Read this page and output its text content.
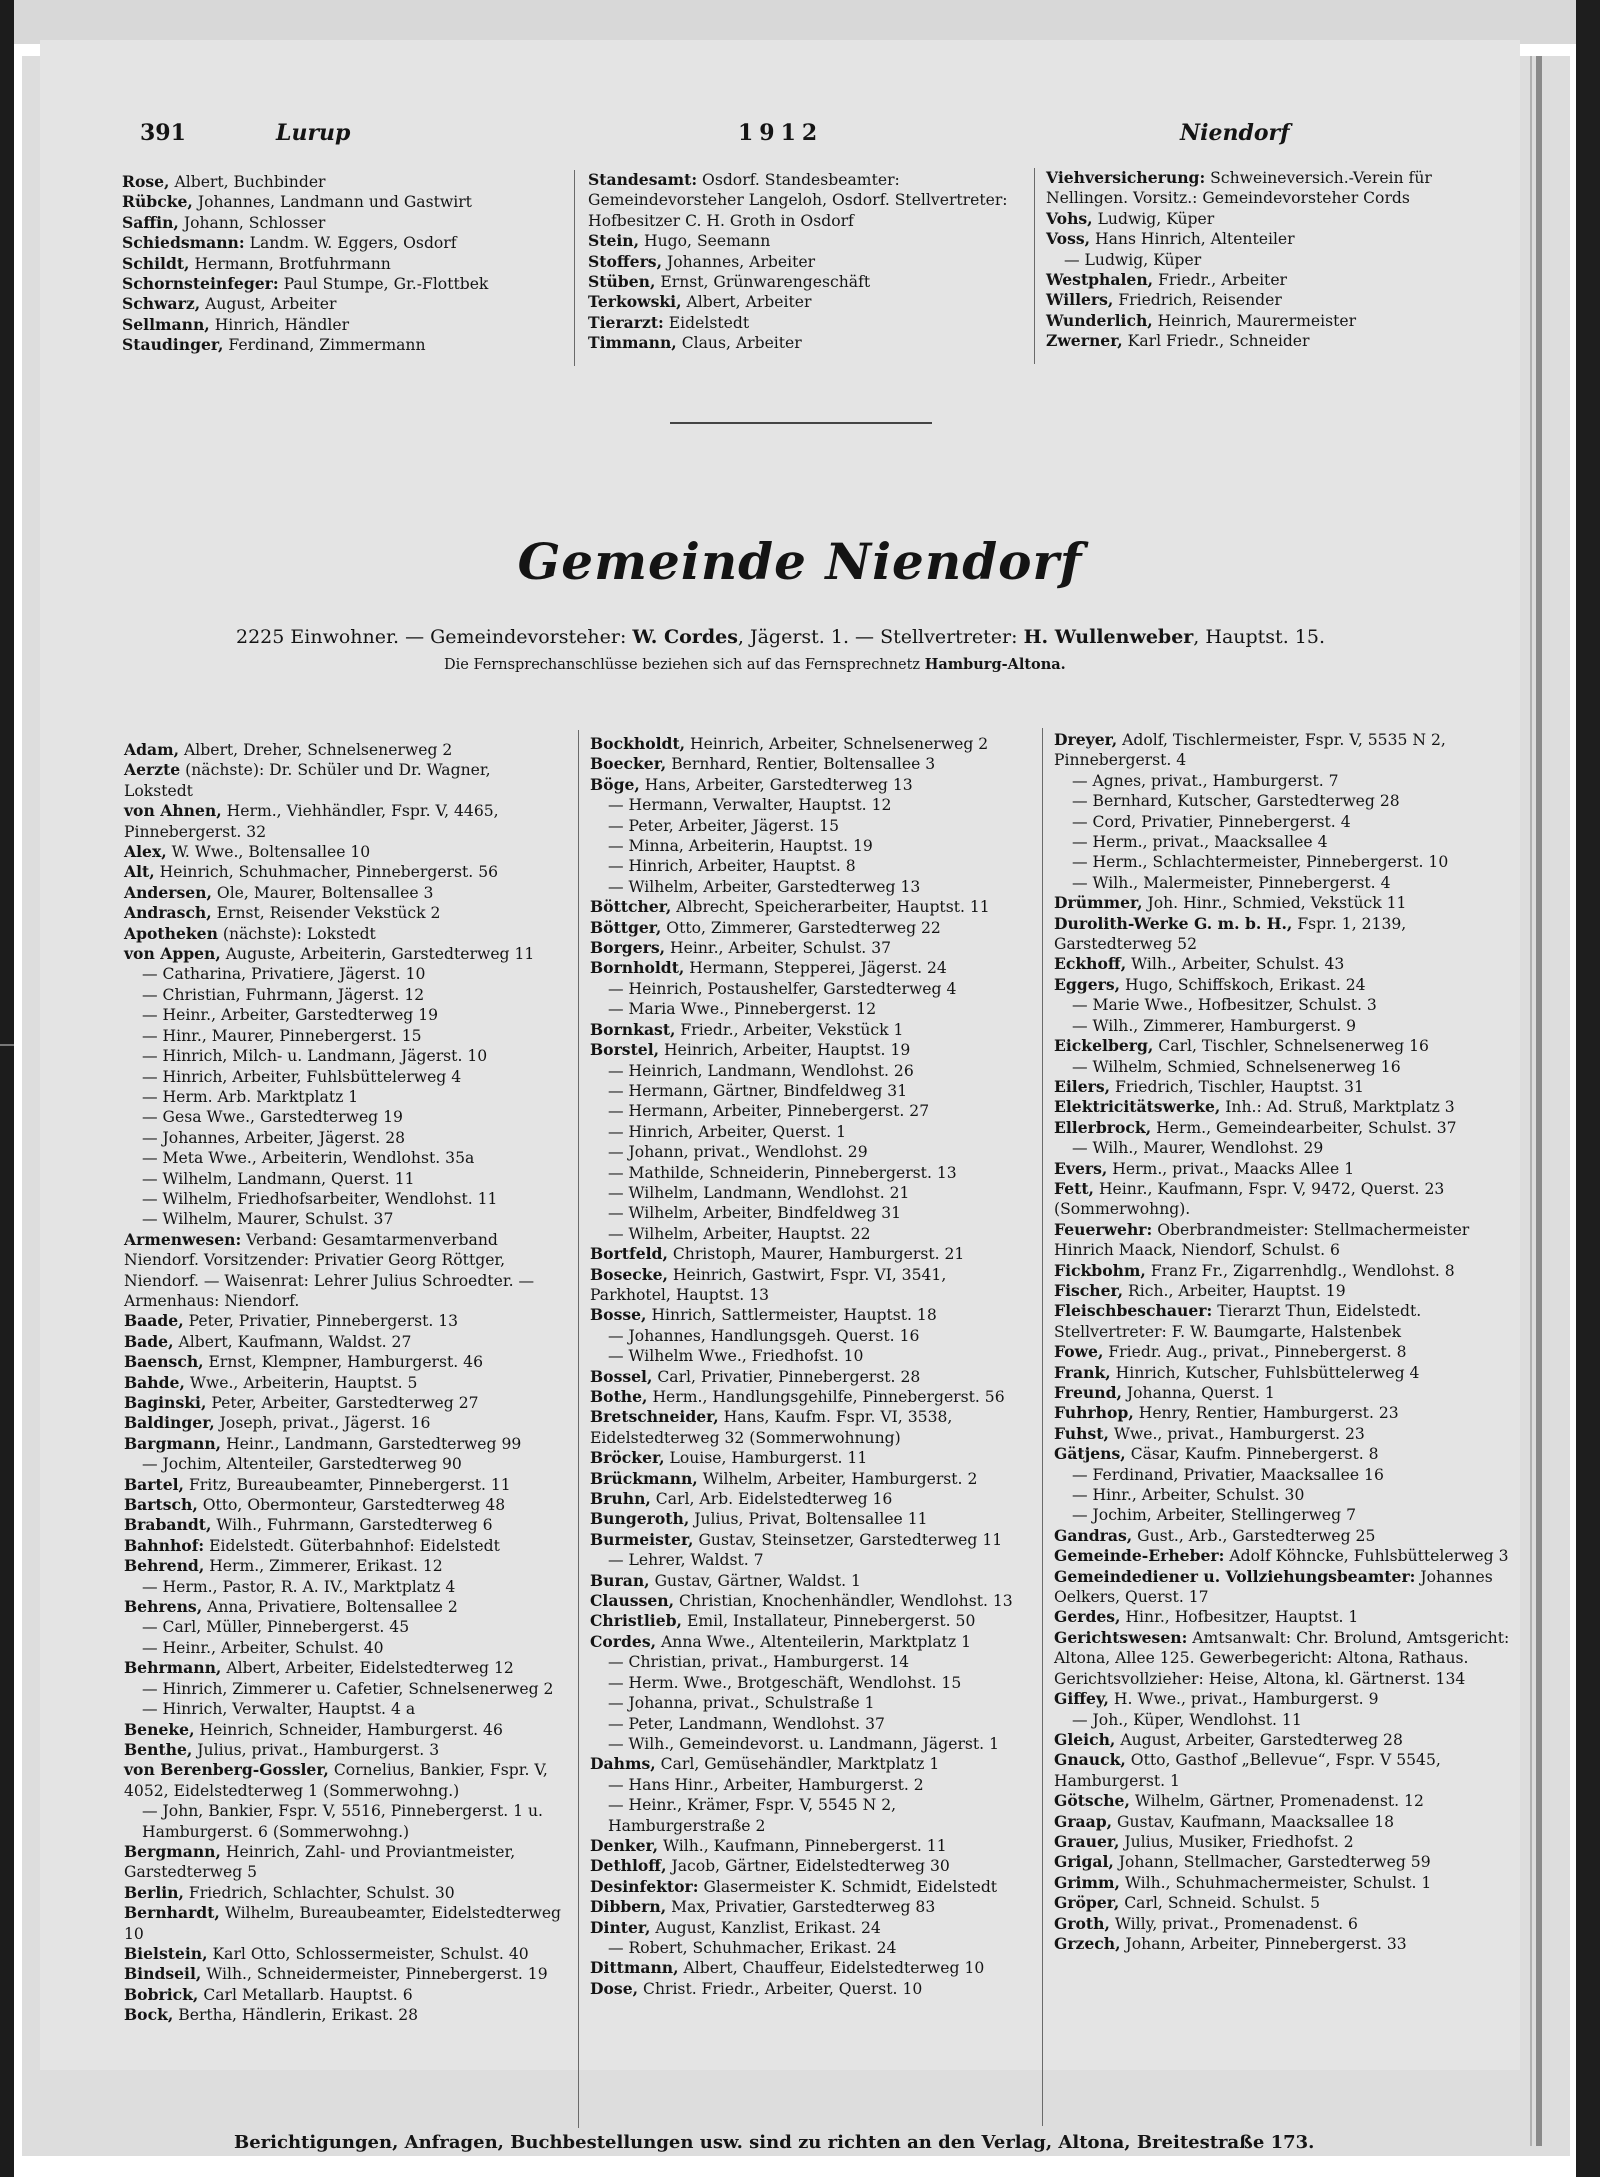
391	Lurup	1912	Niendorf
Rose, Albert, Buchbinder
Rübcke, Johannes, Landmann und Gastwirt
Saffin, Johann, Schlosser
Schiedsmann: Landm. W. Eggers, Osdorf
Schildt, Hermann, Brotfuhrmann
Schornsteinfeger: Paul Stumpe, Gr.-Flottbek
Schwarz, August, Arbeiter
Sellmann, Hinrich, Händler
Staudinger, Ferdinand, Zimmermann
Standesamt: Osdorf. Standesbeamter: Gemeindevorsteher Langeloh, Osdorf. Stellvertreter: Hofbesitzer C. H. Groth in Osdorf
Stein, Hugo, Seemann
Stoffers, Johannes, Arbeiter
Stüben, Ernst, Grünwarengeschäft
Terkowski, Albert, Arbeiter
Tierarzt: Eidelstedt
Timmann, Claus, Arbeiter
Viehversicherung: Schweineversich.-Verein für Nellingen. Vorsitz.: Gemeindevorsteher Cords
Vohs, Ludwig, Küper
Voss, Hans Hinrich, Altenteiler
— Ludwig, Küper
Westphalen, Friedr., Arbeiter
Willers, Friedrich, Reisender
Wunderlich, Heinrich, Maurermeister
Zwerner, Karl Friedr., Schneider
Gemeinde Niendorf
2225 Einwohner. — Gemeindevorsteher: W. Cordes, Jägerst. 1. — Stellvertreter: H. Wullenweber, Hauptst. 15.
Die Fernsprechanschlüsse beziehen sich auf das Fernsprechnetz Hamburg-Altona.
Adam, Albert, Dreher, Schnelsenerweg 2
Aerzte (nächste): Dr. Schüler und Dr. Wagner, Lokstedt
von Ahnen, Herm., Viehhändler, Fspr. V, 4465, Pinnebergerst. 32
Alex, W. Wwe., Boltensallee 10
Alt, Heinrich, Schuhmacher, Pinnebergerst. 56
Andersen, Ole, Maurer, Boltensallee 3
Andrasch, Ernst, Reisender Vekstück 2
Apotheken (nächste): Lokstedt
von Appen, Auguste, Arbeiterin, Garstedterweg 11
— Catharina, Privatiere, Jägerst. 10
— Christian, Fuhrmann, Jägerst. 12
— Heinr., Arbeiter, Garstedterweg 19
— Hinr., Maurer, Pinnebergerst. 15
— Hinrich, Milch- u. Landmann, Jägerst. 10
— Hinrich, Arbeiter, Fuhlsbüttelerweg 4
— Herm. Arb. Marktplatz 1
— Gesa Wwe., Garstedterweg 19
— Johannes, Arbeiter, Jägerst. 28
— Meta Wwe., Arbeiterin, Wendlohst. 35a
— Wilhelm, Landmann, Querst. 11
— Wilhelm, Friedhofsarbeiter, Wendlohst. 11
— Wilhelm, Maurer, Schulst. 37
Armenwesen: Verband: Gesamtarmenverband Niendorf. Vorsitzender: Privatier Georg Röttger, Niendorf. — Waisenrat: Lehrer Julius Schroedter. — Armenhaus: Niendorf.
Baade, Peter, Privatier, Pinnebergerst. 13
Bade, Albert, Kaufmann, Waldst. 27
Baensch, Ernst, Klempner, Hamburgerst. 46
Bahde, Wwe., Arbeiterin, Hauptst. 5
Baginski, Peter, Arbeiter, Garstedterweg 27
Baldinger, Joseph, privat., Jägerst. 16
Bargmann, Heinr., Landmann, Garstedterweg 99
— Jochim, Altenteiler, Garstedterweg 90
Bartel, Fritz, Bureaubeamter, Pinnebergerst. 11
Bartsch, Otto, Obermonteur, Garstedterweg 48
Brabandt, Wilh., Fuhrmann, Garstedterweg 6
Bahnhof: Eidelstedt. Güterbahnhof: Eidelstedt
Behrend, Herm., Zimmerer, Erikast. 12
— Herm., Pastor, R. A. IV., Marktplatz 4
Behrens, Anna, Privatiere, Boltensallee 2
— Carl, Müller, Pinnebergerst. 45
— Heinr., Arbeiter, Schulst. 40
Behrmann, Albert, Arbeiter, Eidelstedterweg 12
— Hinrich, Zimmerer u. Cafetier, Schnelsenerweg 2
— Hinrich, Verwalter, Hauptst. 4 a
Beneke, Heinrich, Schneider, Hamburgerst. 46
Benthe, Julius, privat., Hamburgerst. 3
von Berenberg-Gossler, Cornelius, Bankier, Fspr. V, 4052, Eidelstedterweg 1 (Sommerwohng.)
— John, Bankier, Fspr. V, 5516, Pinnebergerst. 1 u. Hamburgerst. 6 (Sommerwohng.)
Bergmann, Heinrich, Zahl- und Proviantmeister, Garstedterweg 5
Berlin, Friedrich, Schlachter, Schulst. 30
Bernhardt, Wilhelm, Bureaubeamter, Eidelstedterweg 10
Bielstein, Karl Otto, Schlossermeister, Schulst. 40
Bindseil, Wilh., Schneidermeister, Pinnebergerst. 19
Bobrick, Carl Metallarb. Hauptst. 6
Bock, Bertha, Händlerin, Erikast. 28
Bockholdt, Heinrich, Arbeiter, Schnelsenerweg 2
Boecker, Bernhard, Rentier, Boltensallee 3
Böge, Hans, Arbeiter, Garstedterweg 13
— Hermann, Verwalter, Hauptst. 12
— Peter, Arbeiter, Jägerst. 15
— Minna, Arbeiterin, Hauptst. 19
— Hinrich, Arbeiter, Hauptst. 8
— Wilhelm, Arbeiter, Garstedterweg 13
Böttcher, Albrecht, Speicherarbeiter, Hauptst. 11
Böttger, Otto, Zimmerer, Garstedterweg 22
Borgers, Heinr., Arbeiter, Schulst. 37
Bornholdt, Hermann, Stepperei, Jägerst. 24
— Heinrich, Postaushelfer, Garstedterweg 4
— Maria Wwe., Pinnebergerst. 12
Bornkast, Friedr., Arbeiter, Vekstück 1
Borstel, Heinrich, Arbeiter, Hauptst. 19
— Heinrich, Landmann, Wendlohst. 26
— Hermann, Gärtner, Bindfeldweg 31
— Hermann, Arbeiter, Pinnebergerst. 27
— Hinrich, Arbeiter, Querst. 1
— Johann, privat., Wendlohst. 29
— Mathilde, Schneiderin, Pinnebergerst. 13
— Wilhelm, Landmann, Wendlohst. 21
— Wilhelm, Arbeiter, Bindfeldweg 31
— Wilhelm, Arbeiter, Hauptst. 22
Bortfeld, Christoph, Maurer, Hamburgerst. 21
Bosecke, Heinrich, Gastwirt, Fspr. VI, 3541, Parkhotel, Hauptst. 13
Bosse, Hinrich, Sattlermeister, Hauptst. 18
— Johannes, Handlungsgeh. Querst. 16
— Wilhelm Wwe., Friedhofst. 10
Bossel, Carl, Privatier, Pinnebergerst. 28
Bothe, Herm., Handlungsgehilfe, Pinnebergerst. 56
Bretschneider, Hans, Kaufm. Fspr. VI, 3538, Eidelstedterweg 32 (Sommerwohnung)
Bröcker, Louise, Hamburgerst. 11
Brückmann, Wilhelm, Arbeiter, Hamburgerst. 2
Bruhn, Carl, Arb. Eidelstedterweg 16
Bungeroth, Julius, Privat, Boltensallee 11
Burmeister, Gustav, Steinsetzer, Garstedterweg 11
— Lehrer, Waldst. 7
Buran, Gustav, Gärtner, Waldst. 1
Claussen, Christian, Knochenhändler, Wendlohst. 13
Christlieb, Emil, Installateur, Pinnebergerst. 50
Cordes, Anna Wwe., Altenteilerin, Marktplatz 1
— Christian, privat., Hamburgerst. 14
— Herm. Wwe., Brotgeschäft, Wendlohst. 15
— Johanna, privat., Schulstraße 1
— Peter, Landmann, Wendlohst. 37
— Wilh., Gemeindevorst. u. Landmann, Jägerst. 1
Dahms, Carl, Gemüsehändler, Marktplatz 1
— Hans Hinr., Arbeiter, Hamburgerst. 2
— Heinr., Krämer, Fspr. V, 5545 N 2, Hamburgerstraße 2
Denker, Wilh., Kaufmann, Pinnebergerst. 11
Dethloff, Jacob, Gärtner, Eidelstedterweg 30
Desinfektor: Glasermeister K. Schmidt, Eidelstedt
Dibbern, Max, Privatier, Garstedterweg 83
Dinter, August, Kanzlist, Erikast. 24
— Robert, Schuhmacher, Erikast. 24
Dittmann, Albert, Chauffeur, Eidelstedterweg 10
Dose, Christ. Friedr., Arbeiter, Querst. 10
Dreyer, Adolf, Tischlermeister, Fspr. V, 5535 N 2, Pinnebergerst. 4
— Agnes, privat., Hamburgerst. 7
— Bernhard, Kutscher, Garstedterweg 28
— Cord, Privatier, Pinnebergerst. 4
— Herm., privat., Maacksallee 4
— Herm., Schlachtermeister, Pinnebergerst. 10
— Wilh., Malermeister, Pinnebergerst. 4
Drümmer, Joh. Hinr., Schmied, Vekstück 11
Durolith-Werke G. m. b. H., Fspr. 1, 2139, Garstedterweg 52
Eckhoff, Wilh., Arbeiter, Schulst. 43
Eggers, Hugo, Schiffskoch, Erikast. 24
— Marie Wwe., Hofbesitzer, Schulst. 3
— Wilh., Zimmerer, Hamburgerst. 9
Eickelberg, Carl, Tischler, Schnelsenerweg 16
— Wilhelm, Schmied, Schnelsenerweg 16
Eilers, Friedrich, Tischler, Hauptst. 31
Elektricitätswerke, Inh.: Ad. Struß, Marktplatz 3
Ellerbrock, Herm., Gemeindearbeiter, Schulst. 37
— Wilh., Maurer, Wendlohst. 29
Evers, Herm., privat., Maacks Allee 1
Fett, Heinr., Kaufmann, Fspr. V, 9472, Querst. 23 (Sommerwohng).
Feuerwehr: Oberbrandmeister: Stellmachermeister Hinrich Maack, Niendorf, Schulst. 6
Fickbohm, Franz Fr., Zigarrenhdlg., Wendlohst. 8
Fischer, Rich., Arbeiter, Hauptst. 19
Fleischbeschauer: Tierarzt Thun, Eidelstedt. Stellvertreter: F. W. Baumgarte, Halstenbek
Fowe, Friedr. Aug., privat., Pinnebergerst. 8
Frank, Hinrich, Kutscher, Fuhlsbüttelerweg 4
Freund, Johanna, Querst. 1
Fuhrhop, Henry, Rentier, Hamburgerst. 23
Fuhst, Wwe., privat., Hamburgerst. 23
Gätjens, Cäsar, Kaufm. Pinnebergerst. 8
— Ferdinand, Privatier, Maacksallee 16
— Hinr., Arbeiter, Schulst. 30
— Jochim, Arbeiter, Stellingerweg 7
Gandras, Gust., Arb., Garstedterweg 25
Gemeinde-Erheber: Adolf Köhncke, Fuhlsbüttelerweg 3
Gemeindediener u. Vollziehungsbeamter: Johannes Oelkers, Querst. 17
Gerdes, Hinr., Hofbesitzer, Hauptst. 1
Gerichtswesen: Amtsanwalt: Chr. Brolund, Amtsgericht: Altona, Allee 125. Gewerbegericht: Altona, Rathaus. Gerichtsvollzieher: Heise, Altona, kl. Gärtnerst. 134
Giffey, H. Wwe., privat., Hamburgerst. 9
— Joh., Küper, Wendlohst. 11
Gleich, August, Arbeiter, Garstedterweg 28
Gnauck, Otto, Gasthof „Bellevue“, Fspr. V 5545, Hamburgerst. 1
Götsche, Wilhelm, Gärtner, Promenadenst. 12
Graap, Gustav, Kaufmann, Maacksallee 18
Grauer, Julius, Musiker, Friedhofst. 2
Grigal, Johann, Stellmacher, Garstedterweg 59
Grimm, Wilh., Schuhmachermeister, Schulst. 1
Gröper, Carl, Schneid. Schulst. 5
Groth, Willy, privat., Promenadenst. 6
Grzech, Johann, Arbeiter, Pinnebergerst. 33
Berichtigungen, Anfragen, Buchbestellungen usw. sind zu richten an den Verlag, Altona, Breitestraße 173.
